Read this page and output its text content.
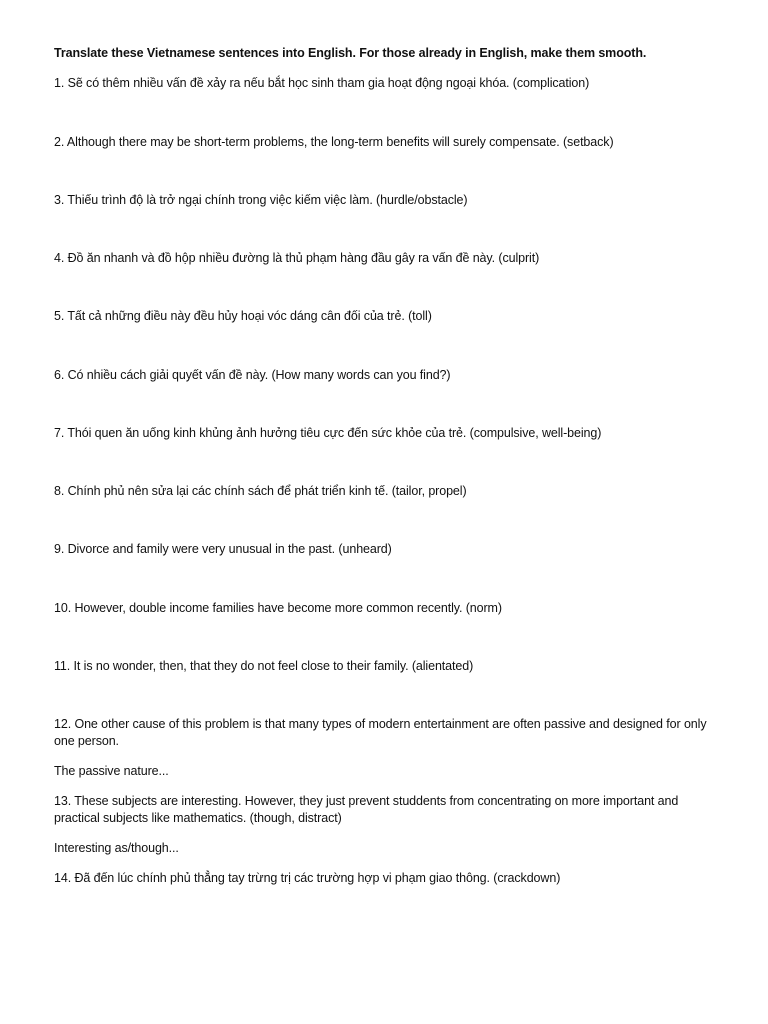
Translate these Vietnamese sentences into English. For those already in English, make them smooth.
1. Sẽ có thêm nhiều vấn đề xảy ra nếu bắt học sinh tham gia hoạt động ngoại khóa. (complication)
2. Although there may be short-term problems, the long-term benefits will surely compensate. (setback)
3. Thiếu trình độ là trở ngại chính trong việc kiếm việc làm. (hurdle/obstacle)
4. Đồ ăn nhanh và đồ hộp nhiều đường là thủ phạm hàng đầu gây ra vấn đề này. (culprit)
5. Tất cả những điều này đều hủy hoại vóc dáng cân đối của trẻ. (toll)
6. Có nhiều cách giải quyết vấn đề này. (How many words can you find?)
7. Thói quen ăn uống kinh khủng ảnh hưởng tiêu cực đến sức khỏe của trẻ. (compulsive, well-being)
8. Chính phủ nên sửa lại các chính sách để phát triển kinh tế. (tailor, propel)
9. Divorce and family were very unusual in the past. (unheard)
10. However, double income families have become more common recently. (norm)
11. It is no wonder, then, that they do not feel close to their family. (alientated)
12. One other cause of this problem is that many types of modern entertainment are often passive and designed for only one person.
The passive nature...
13. These subjects are interesting. However, they just prevent studdents from concentrating on more important and practical subjects like mathematics. (though, distract)
Interesting as/though...
14. Đã đến lúc chính phủ thẳng tay trừng trị các trường hợp vi phạm giao thông. (crackdown)
